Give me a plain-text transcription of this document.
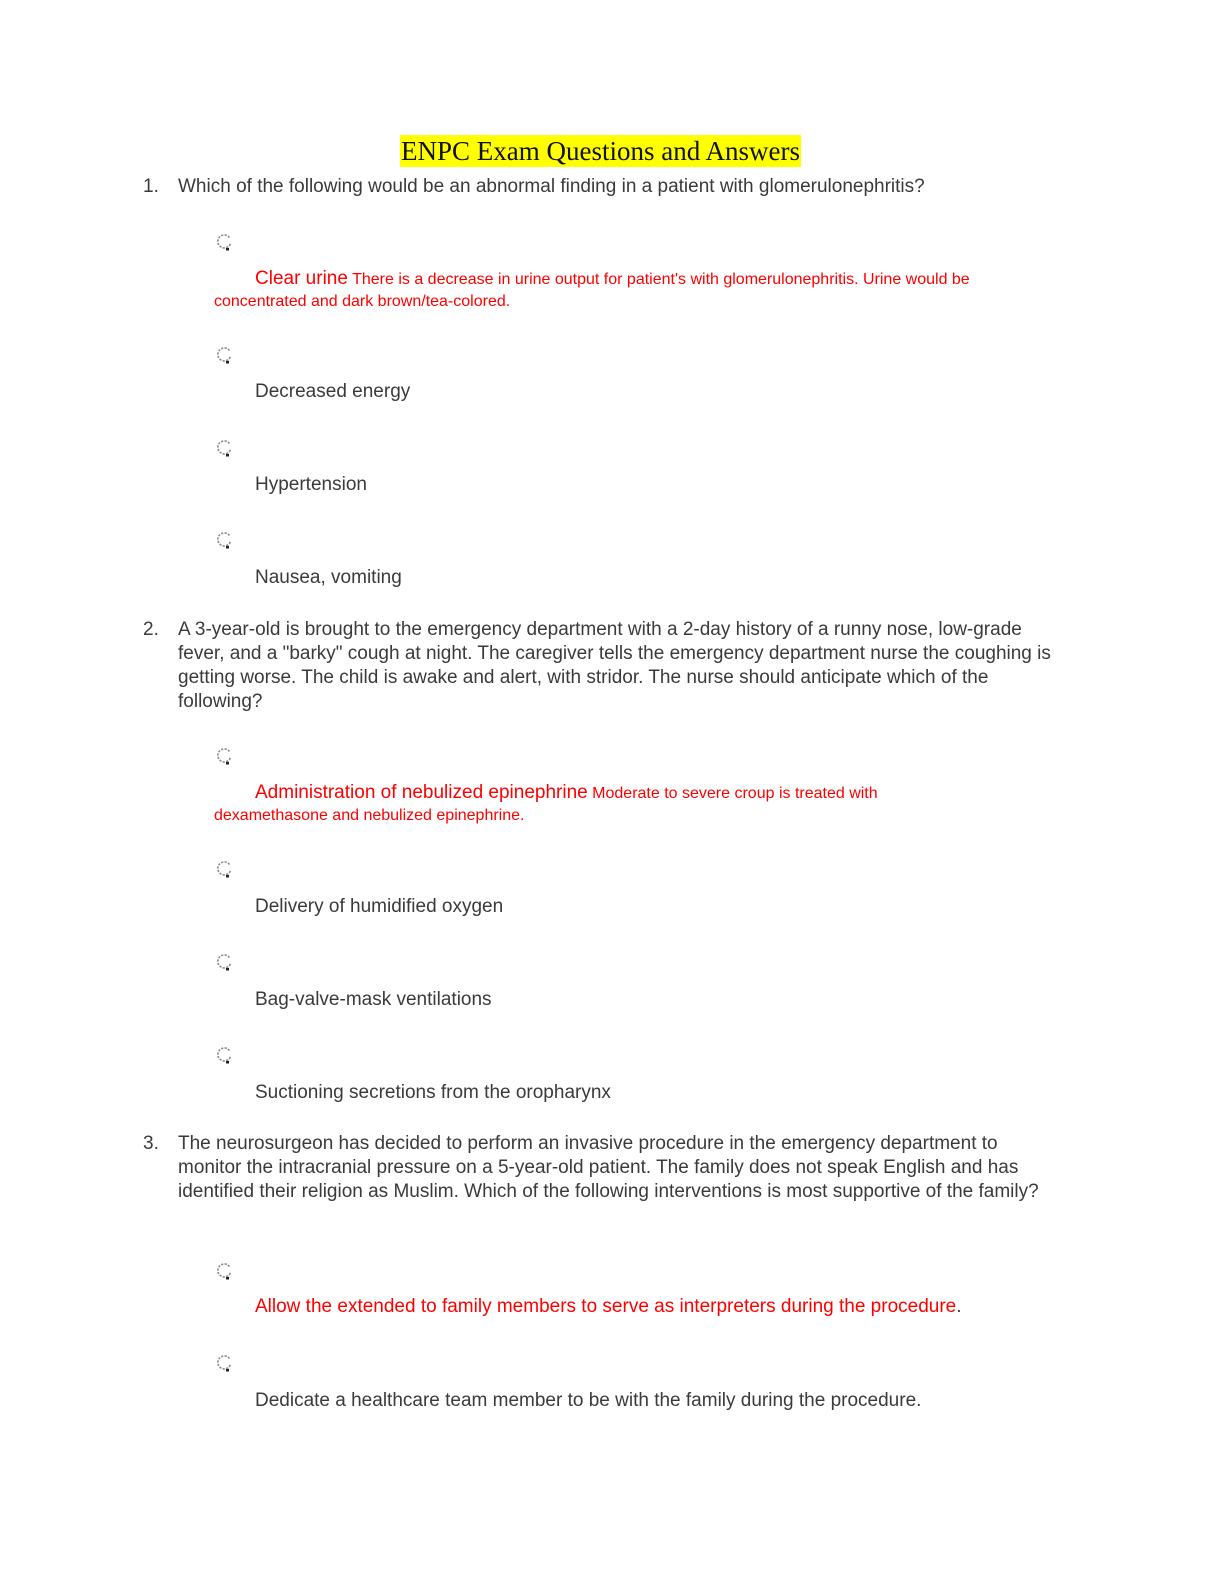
ENPC Exam Questions and Answers
1. Which of the following would be an abnormal finding in a patient with glomerulonephritis?
Clear urine There is a decrease in urine output for patient's with glomerulonephritis. Urine would be concentrated and dark brown/tea-colored.
Decreased energy
Hypertension
Nausea, vomiting
2. A 3-year-old is brought to the emergency department with a 2-day history of a runny nose, low-grade fever, and a "barky" cough at night. The caregiver tells the emergency department nurse the coughing is getting worse. The child is awake and alert, with stridor. The nurse should anticipate which of the following?
Administration of nebulized epinephrine Moderate to severe croup is treated with dexamethasone and nebulized epinephrine.
Delivery of humidified oxygen
Bag-valve-mask ventilations
Suctioning secretions from the oropharynx
3. The neurosurgeon has decided to perform an invasive procedure in the emergency department to monitor the intracranial pressure on a 5-year-old patient. The family does not speak English and has identified their religion as Muslim. Which of the following interventions is most supportive of the family?
Allow the extended to family members to serve as interpreters during the procedure.
Dedicate a healthcare team member to be with the family during the procedure.
